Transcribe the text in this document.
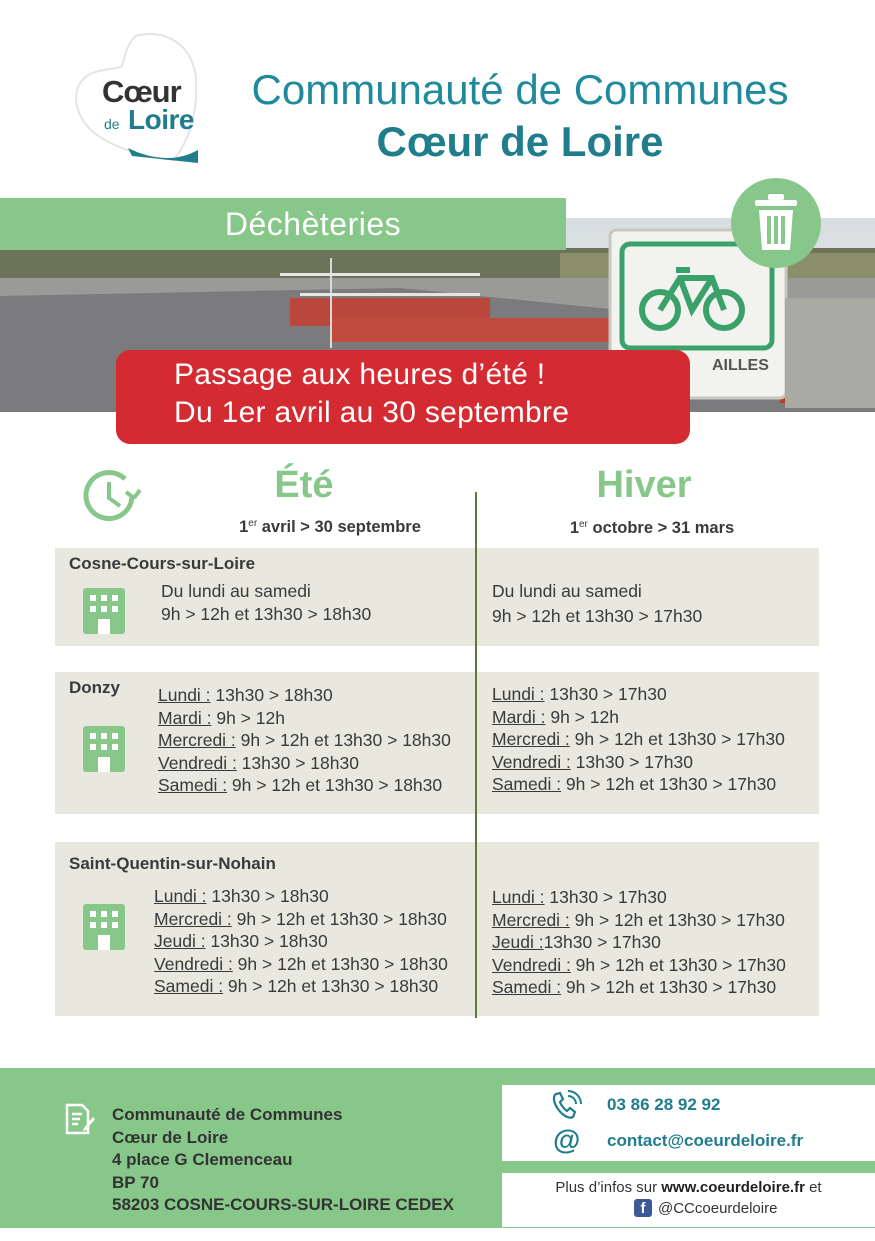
Cœur
de Loire
Communauté de Communes
Cœur de Loire
AILLES
Déchèteries
Passage aux heures d’été !
Du 1er avril au 30 septembre
Été	Hiver
1er avril > 30 septembre	1er octobre > 31 mars
Cosne-Cours-sur-Loire
Du lundi au samedi
9h > 12h et 13h30 > 18h30
Du lundi au samedi
9h > 12h et 13h30 > 17h30
Donzy Lundi : 13h30 > 18h30
Mardi : 9h > 12h
Mercredi : 9h > 12h et 13h30 > 18h30
Vendredi : 13h30 > 18h30
Samedi : 9h > 12h et 13h30 > 18h30
Lundi : 13h30 > 17h30
Mardi : 9h > 12h
Mercredi : 9h > 12h et 13h30 > 17h30
Vendredi : 13h30 > 17h30
Samedi : 9h > 12h et 13h30 > 17h30
Saint-Quentin-sur-Nohain
Lundi : 13h30 > 18h30
Mercredi : 9h > 12h et 13h30 > 18h30
Jeudi : 13h30 > 18h30
Vendredi : 9h > 12h et 13h30 > 18h30
Samedi : 9h > 12h et 13h30 > 18h30
Lundi : 13h30 > 17h30
Mercredi : 9h > 12h et 13h30 > 17h30
Jeudi :13h30 > 17h30
Vendredi : 9h > 12h et 13h30 > 17h30
Samedi : 9h > 12h et 13h30 > 17h30
Communauté de Communes
Cœur de Loire
4 place G Clemenceau
BP 70
58203 COSNE-COURS-SUR-LOIRE CEDEX
03 86 28 92 92
@ contact@coeurdeloire.fr
Plus d’infos sur www.coeurdeloire.fr et
f @CCcoeurdeloire
